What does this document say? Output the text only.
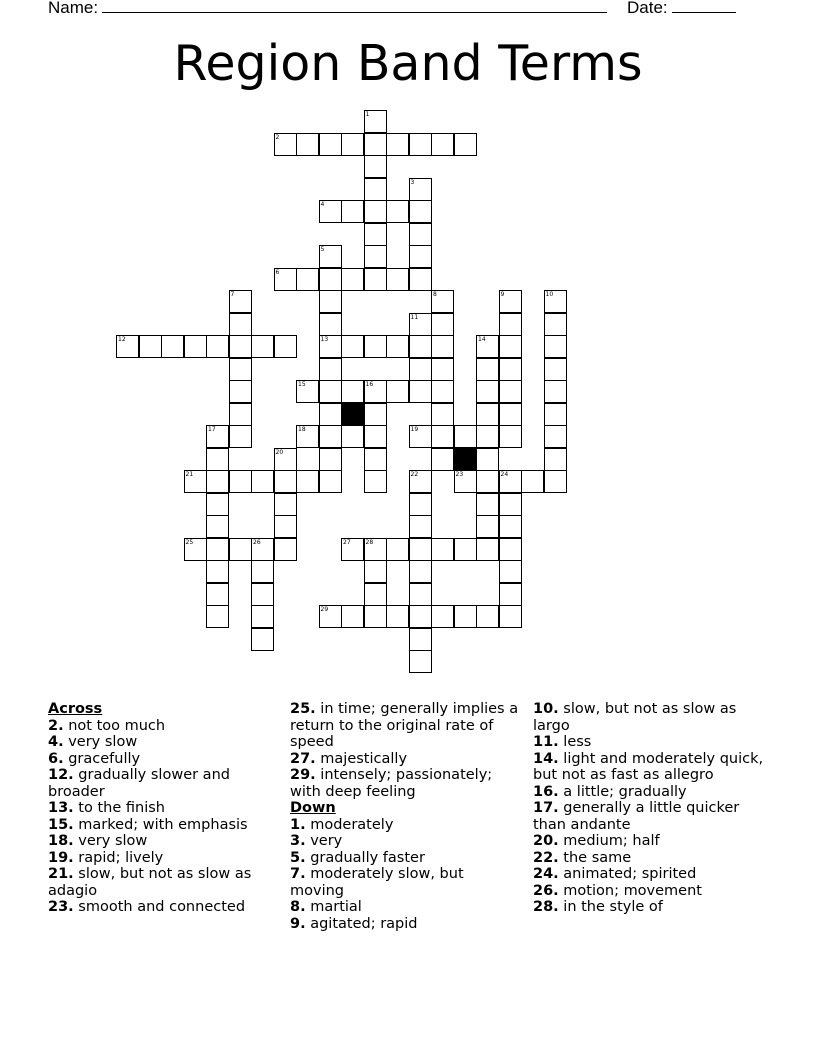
Name:	Date:
Region Band Terms
1
2
3
4
5
6
7	8	9	10
11
12	13	14
15	16
17	18	19
20
21	22	23	24
25	26	27 28
29
Across
2. not too much
4. very slow
6. gracefully
12. gradually slower and broader
13. to the finish
15. marked; with emphasis
18. very slow
19. rapid; lively
21. slow, but not as slow as adagio
23. smooth and connected
25. in time; generally implies a return to the original rate of speed
27. majestically
29. intensely; passionately; with deep feeling
Down
1. moderately
3. very
5. gradually faster
7. moderately slow, but moving
8. martial
9. agitated; rapid
10. slow, but not as slow as largo
11. less
14. light and moderately quick, but not as fast as allegro
16. a little; gradually
17. generally a little quicker than andante
20. medium; half
22. the same
24. animated; spirited
26. motion; movement
28. in the style of
